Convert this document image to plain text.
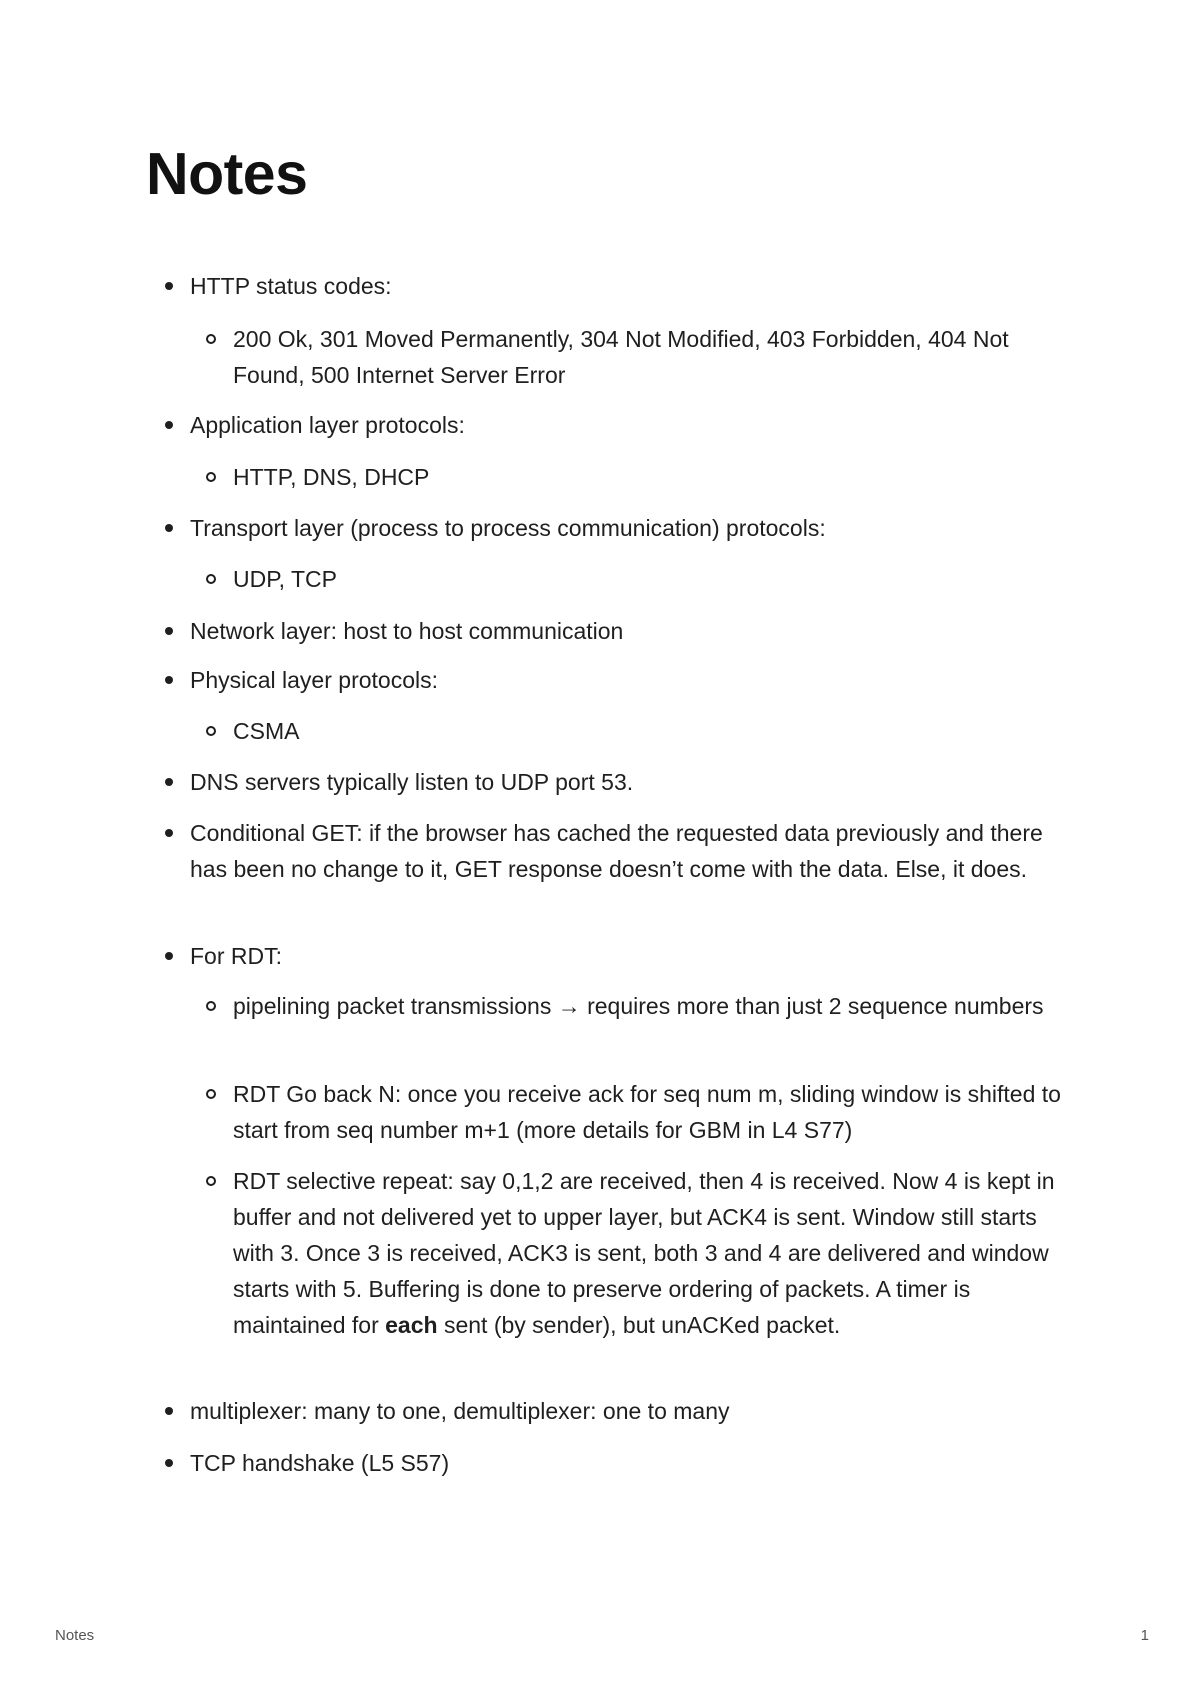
Notes
HTTP status codes:
200 Ok, 301 Moved Permanently, 304 Not Modified, 403 Forbidden, 404 Not Found, 500 Internet Server Error
Application layer protocols:
HTTP, DNS, DHCP
Transport layer (process to process communication) protocols:
UDP, TCP
Network layer: host to host communication
Physical layer protocols:
CSMA
DNS servers typically listen to UDP port 53.
Conditional GET: if the browser has cached the requested data previously and there has been no change to it, GET response doesn’t come with the data. Else, it does.
For RDT:
pipelining packet transmissions → requires more than just 2 sequence numbers
RDT Go back N: once you receive ack for seq num m, sliding window is shifted to start from seq number m+1 (more details for GBM in L4 S77)
RDT selective repeat: say 0,1,2 are received, then 4 is received. Now 4 is kept in buffer and not delivered yet to upper layer, but ACK4 is sent. Window still starts with 3. Once 3 is received, ACK3 is sent, both 3 and 4 are delivered and window starts with 5. Buffering is done to preserve ordering of packets. A timer is maintained for each sent (by sender), but unACKed packet.
multiplexer: many to one, demultiplexer: one to many
TCP handshake (L5 S57)
Notes	1
